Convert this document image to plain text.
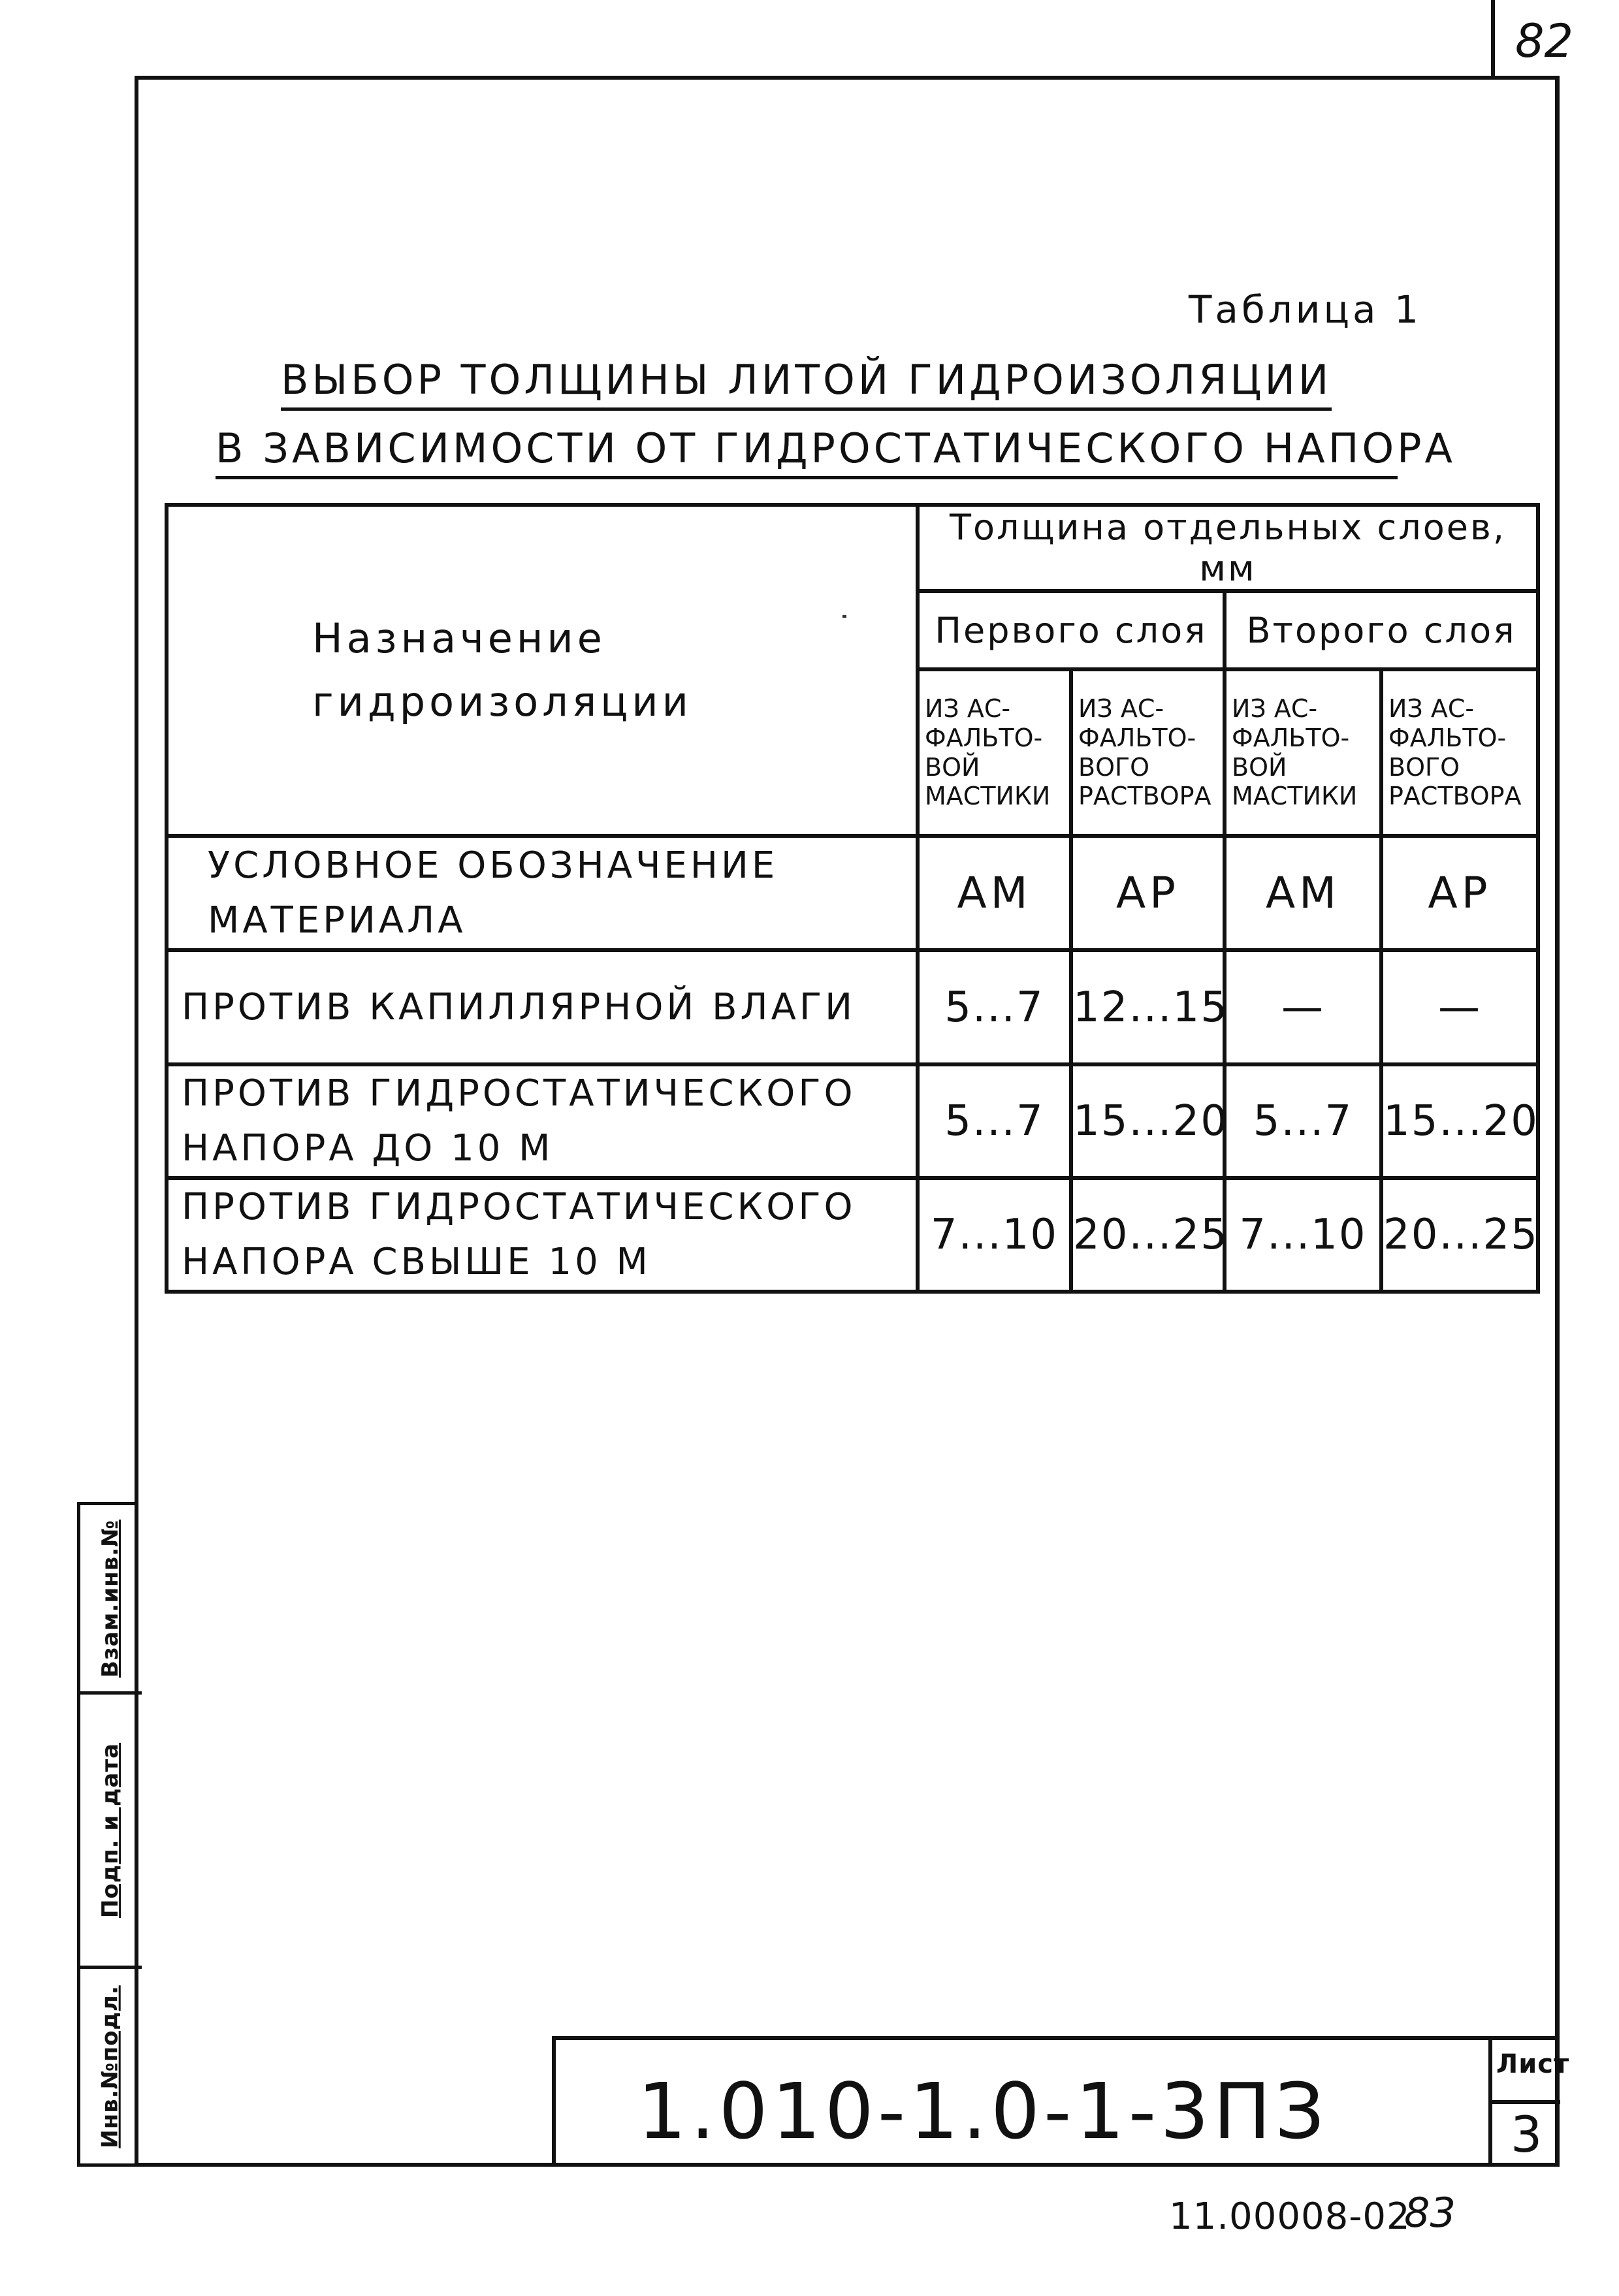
82
Взам.инв.№
Подп. и дата
Инв.№подл.
Таблица 1
ВЫБОР ТОЛЩИНЫ ЛИТОЙ ГИДРОИЗОЛЯЦИИ
В ЗАВИСИМОСТИ ОТ ГИДРОСТАТИЧЕСКОГО НАПОРА
Назначение гидроизоляции	Толщина отдельных слоев, мм			
	Первого слоя		Второго слоя	
	ИЗ АС-ФАЛЬТО-ВОЙ МАСТИКИ	ИЗ АС-ФАЛЬТО-ВОГО РАСТВОРА	ИЗ АС-ФАЛЬТО-ВОЙ МАСТИКИ	ИЗ АС-ФАЛЬТО-ВОГО РАСТВОРА
УСЛОВНОЕ ОБОЗНАЧЕНИЕ МАТЕРИАЛА	АМ	АР	АМ	АР
ПРОТИВ КАПИЛЛЯРНОЙ ВЛАГИ	5...7	12...15	—	—
ПРОТИВ ГИДРОСТАТИЧЕСКОГО НАПОРА ДО 10 М	5...7	15...20	5...7	15...20
ПРОТИВ ГИДРОСТАТИЧЕСКОГО НАПОРА СВЫШЕ 10 М	7...10	20...25	7...10	20...25
1.010-1.0-1-3ПЗ
Лист
3
11.00008-02
83
